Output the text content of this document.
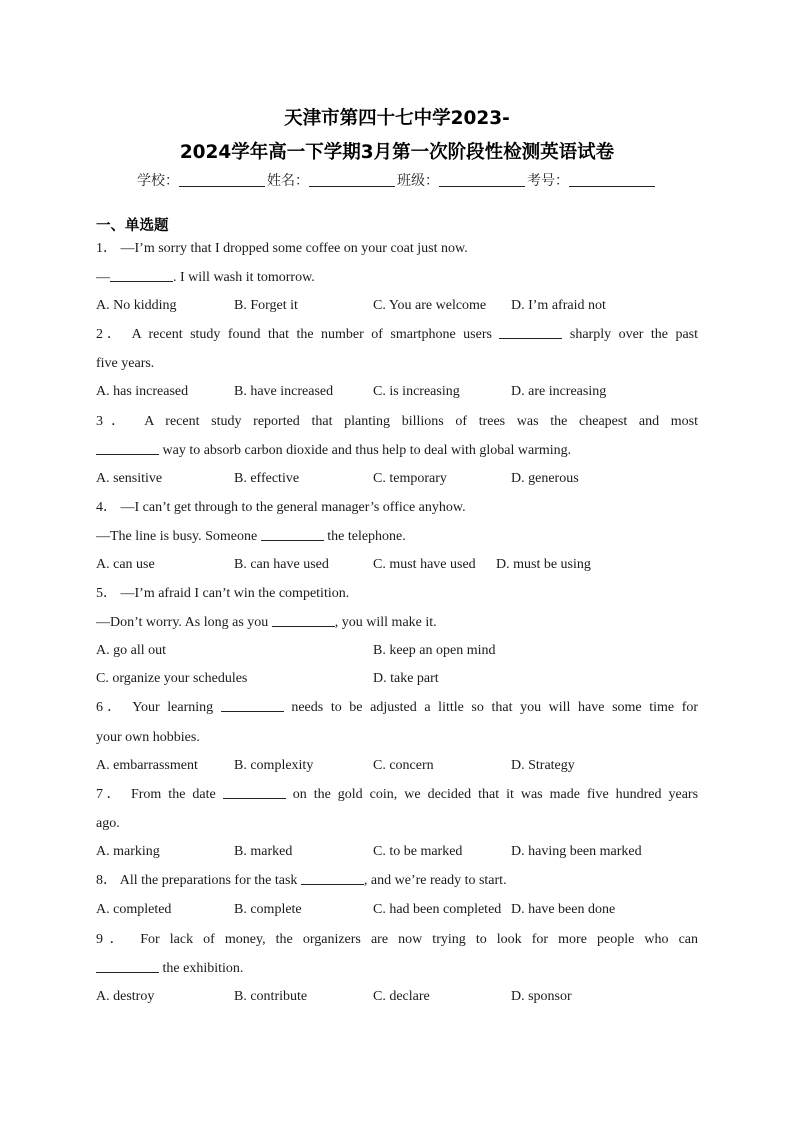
天津市第四十七中学2023-
2024学年高一下学期3月第一次阶段性检测英语试卷
学校：	姓名：	班级：	考号：
一、单选题
1． —I’m sorry that I dropped some coffee on your coat just now.
—	. I will wash it tomorrow.
A. No kidding	B. Forget it	C. You are welcome D. I’m afraid not
2． A recent study found that the number of smartphone users	sharply over the past
five years.
A. has increased	B. have increased	C. is increasing	D. are increasing
3． A recent study reported that planting billions of trees was the cheapest and most
way to absorb carbon dioxide and thus help to deal with global warming.
A. sensitive	B. effective	C. temporary	D. generous
4． —I can’t get through to the general manager’s office anyhow.
—The line is busy. Someone	the telephone.
A. can use	B. can have used	C. must have used D. must be using
5． —I’m afraid I can’t win the competition.
—Don’t worry. As long as you	, you will make it.
A. go all out	B. keep an open mind
C. organize your schedules	D. take part
6． Your learning	needs to be adjusted a little so that you will have some time for
your own hobbies.
A. embarrassment	B. complexity	C. concern	D. Strategy
7． From the date	on the gold coin, we decided that it was made five hundred years
ago.
A. marking	B. marked	C. to be marked	D. having been marked
8． All the preparations for the task	, and we’re ready to start.
A. completed	B. complete	C. had been completed D. have been done
9． For lack of money, the organizers are now trying to look for more people who can
the exhibition.
A. destroy	B. contribute	C. declare	D. sponsor
